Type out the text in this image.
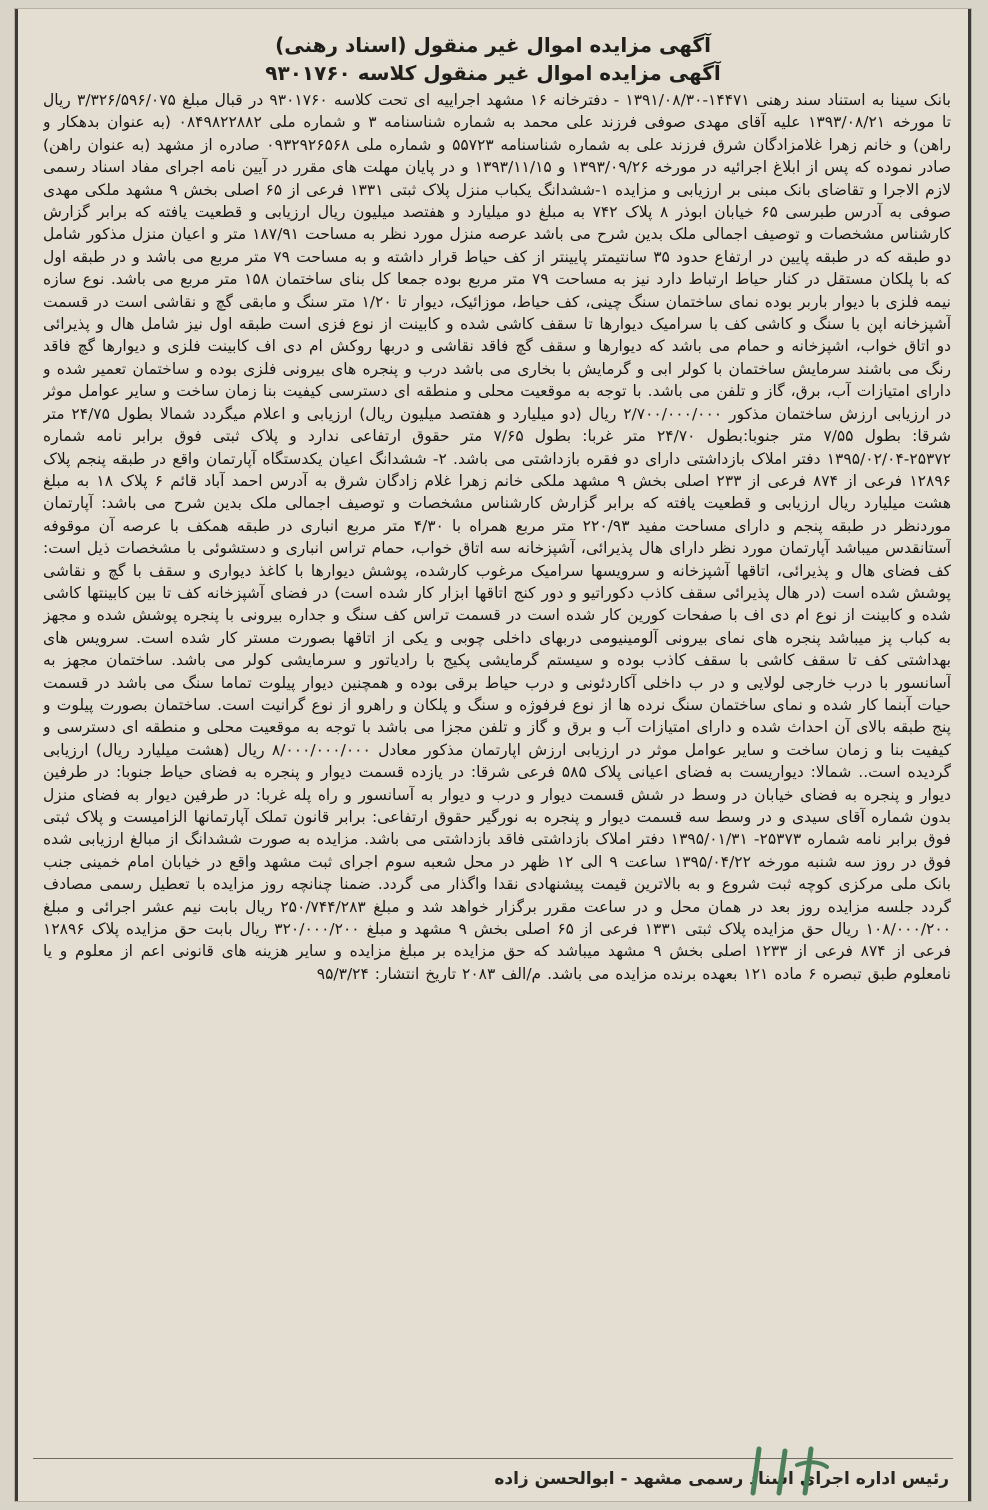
آگهی مزایده اموال غیر منقول (اسناد رهنی)
آگهی مزایده اموال غیر منقول کلاسه ۹۳۰۱۷۶۰
بانک سینا به استناد سند رهنی ۱۴۴۷۱-۱۳۹۱/۰۸/۳۰ - دفترخانه ۱۶ مشهد اجراییه ای تحت کلاسه ۹۳۰۱۷۶۰ در قبال مبلغ ۳/۳۲۶/۵۹۶/۰۷۵ ریال تا مورخه ۱۳۹۳/۰۸/۲۱ علیه آقای مهدی صوفی فرزند علی محمد به شماره شناسنامه ۳ و شماره ملی ۰۸۴۹۸۲۲۸۸۲ (به عنوان بدهکار و راهن) و خانم زهرا غلامزادگان شرق فرزند علی به شماره شناسنامه ۵۵۷۲۳ و شماره ملی ۰۹۳۲۹۲۶۵۶۸ صادره از مشهد (به عنوان راهن) صادر نموده که پس از ابلاغ اجرائیه در مورخه ۱۳۹۳/۰۹/۲۶ و ۱۳۹۳/۱۱/۱۵ و در پایان مهلت های مقرر در آیین نامه اجرای مفاد اسناد رسمی لازم الاجرا و تقاضای بانک مبنی بر ارزیابی و مزایده ۱-ششدانگ یکباب منزل پلاک ثبتی ۱۳۳۱ فرعی از ۶۵ اصلی بخش ۹ مشهد ملکی مهدی صوفی به آدرس طبرسی ۶۵ خیابان ابوذر ۸ پلاک ۷۴۲ به مبلغ دو میلیارد و هفتصد میلیون ریال ارزیابی و قطعیت یافته که برابر گزارش کارشناس مشخصات و توصیف اجمالی ملک بدین شرح می باشد عرصه منزل مورد نظر به مساحت ۱۸۷/۹۱ متر و اعیان منزل مذکور شامل دو طبقه که در طبقه پایین در ارتفاع حدود ۳۵ سانتیمتر پایینتر از کف حیاط قرار داشته و به مساحت ۷۹ متر مربع می باشد و در طبقه اول که با پلکان مستقل در کنار حیاط ارتباط دارد نیز به مساحت ۷۹ متر مربع بوده جمعا کل بنای ساختمان ۱۵۸ متر مربع می باشد. نوع سازه نیمه فلزی با دیوار باربر بوده نمای ساختمان سنگ چینی، کف حیاط، موزائیک، دیوار تا ۱/۲۰ متر سنگ و مابقی گچ و نقاشی است در قسمت آشپزخانه اپن با سنگ و کاشی کف با سرامیک دیوارها تا سقف کاشی شده و کابینت از نوع فزی است طبقه اول نیز شامل هال و پذیرائی دو اتاق خواب، اشپزخانه و حمام می باشد که دیوارها و سقف گچ فاقد نقاشی و دربها روکش ام دی اف کابینت فلزی و دیوارها گچ فاقد رنگ می باشند سرمایش ساختمان با کولر ابی و گرمایش با بخاری می باشد درب و پنجره های بیرونی فلزی بوده و ساختمان تعمیر شده و دارای امتیازات آب، برق، گاز و تلفن می باشد. با توجه به موقعیت محلی و منطقه ای دسترسی کیفیت بنا زمان ساخت و سایر عوامل موثر در ارزیابی ارزش ساختمان مذکور ۲/۷۰۰/۰۰۰/۰۰۰ ریال (دو میلیارد و هفتصد میلیون ریال) ارزیابی و اعلام میگردد شمالا بطول ۲۴/۷۵ متر شرقا: بطول ۷/۵۵ متر جنوبا:بطول ۲۴/۷۰ متر غربا: بطول ۷/۶۵ متر حقوق ارتفاعی ندارد و پلاک ثبتی فوق برابر نامه شماره ۲۵۳۷۲-۱۳۹۵/۰۲/۰۴ دفتر املاک بازداشتی دارای دو فقره بازداشتی می باشد. ۲- ششدانگ اعیان یکدستگاه آپارتمان واقع در طبقه پنجم پلاک ۱۲۸۹۶ فرعی از ۸۷۴ فرعی از ۲۳۳ اصلی بخش ۹ مشهد ملکی خانم زهرا غلام زادگان شرق به آدرس احمد آباد قائم ۶ پلاک ۱۸ به مبلغ هشت میلیارد ریال ارزیابی و قطعیت یافته که برابر گزارش کارشناس مشخصات و توصیف اجمالی ملک بدین شرح می باشد: آپارتمان موردنظر در طبقه پنجم و دارای مساحت مفید ۲۲۰/۹۳ متر مربع همراه با ۴/۳۰ متر مربع انباری در طبقه همکف با عرصه آن موقوفه آستانقدس میباشد آپارتمان مورد نظر دارای هال پذیرائی، آشپزخانه سه اتاق خواب، حمام تراس انباری و دستشوئی با مشخصات ذیل است: کف فضای هال و پذیرائی، اتاقها آشپزخانه و سرویسها سرامیک مرغوب کارشده، پوشش دیوارها با کاغذ دیواری و سقف با گچ و نقاشی پوشش شده است (در هال پذیرائی سقف کاذب دکوراتیو و دور کنج اتاقها ابزار کار شده است) در فضای آشپزخانه کف تا بین کابینتها کاشی شده و کابینت از نوع ام دی اف با صفحات کورین کار شده است در قسمت تراس کف سنگ و جداره بیرونی با پنجره پوشش شده و مجهز به کباب پز میباشد پنجره های نمای بیرونی آلومینیومی دربهای داخلی چوبی و یکی از اتاقها بصورت مستر کار شده است. سرویس های بهداشتی کف تا سقف کاشی با سقف کاذب بوده و سیستم گرمایشی پکیج با رادیاتور و سرمایشی کولر می باشد. ساختمان مجهز به آسانسور با درب خارجی لولایی و در ب داخلی آکاردئونی و درب حیاط برقی بوده و همچنین دیوار پیلوت تماما سنگ می باشد در قسمت حیات آبنما کار شده و نمای ساختمان سنگ نرده ها از نوع فرفوژه و سنگ و پلکان و راهرو از نوع گرانیت است. ساختمان بصورت پیلوت و پنج طبقه بالای آن احداث شده و دارای امتیازات آب و برق و گاز و تلفن مجزا می باشد با توجه به موقعیت محلی و منطقه ای دسترسی و کیفیت بنا و زمان ساخت و سایر عوامل موثر در ارزیابی ارزش اپارتمان مذکور معادل ۸/۰۰۰/۰۰۰/۰۰۰ ریال (هشت میلیارد ریال) ارزیابی گردیده است.. شمالا: دیواریست به فضای اعیانی پلاک ۵۸۵ فرعی شرقا: در یازده قسمت دیوار و پنجره به فضای حیاط جنوبا: در طرفین دیوار و پنجره به فضای خیابان در وسط در شش قسمت دیوار و درب و دیوار به آسانسور و راه پله غربا: در طرفین دیوار به فضای منزل بدون شماره آقای سیدی و در وسط سه قسمت دیوار و پنجره به نورگیر حقوق ارتفاعی: برابر قانون تملک آپارتمانها الزامیست و پلاک ثبتی فوق برابر نامه شماره ۲۵۳۷۳- ۱۳۹۵/۰۱/۳۱ دفتر املاک بازداشتی فاقد بازداشتی می باشد. مزایده به صورت ششدانگ از مبالغ ارزیابی شده فوق در روز سه شنبه مورخه ۱۳۹۵/۰۴/۲۲ ساعت ۹ الی ۱۲ ظهر در محل شعبه سوم اجرای ثبت مشهد واقع در خیابان امام خمینی جنب بانک ملی مرکزی کوچه ثبت شروع و به بالاترین قیمت پیشنهادی نقدا واگذار می گردد. ضمنا چنانچه روز مزایده با تعطیل رسمی مصادف گردد جلسه مزایده روز بعد در همان محل و در ساعت مقرر برگزار خواهد شد و مبلغ ۲۵۰/۷۴۴/۲۸۳ ریال بابت نیم عشر اجرائی و مبلغ ۱۰۸/۰۰۰/۲۰۰ ریال حق مزایده پلاک ثبتی ۱۳۳۱ فرعی از ۶۵ اصلی بخش ۹ مشهد و مبلغ ۳۲۰/۰۰۰/۲۰۰ ریال بابت حق مزایده پلاک ۱۲۸۹۶ فرعی از ۸۷۴ فرعی از ۱۲۳۳ اصلی بخش ۹ مشهد میباشد که حق مزایده بر مبلغ مزایده و سایر هزینه های قانونی اعم از معلوم و یا نامعلوم طبق تبصره ۶ ماده ۱۲۱ بعهده برنده مزایده می باشد. م/الف ۲۰۸۳ تاریخ انتشار: ۹۵/۳/۲۴
رئیس اداره اجرای اسناد رسمی مشهد - ابوالحسن زاده
